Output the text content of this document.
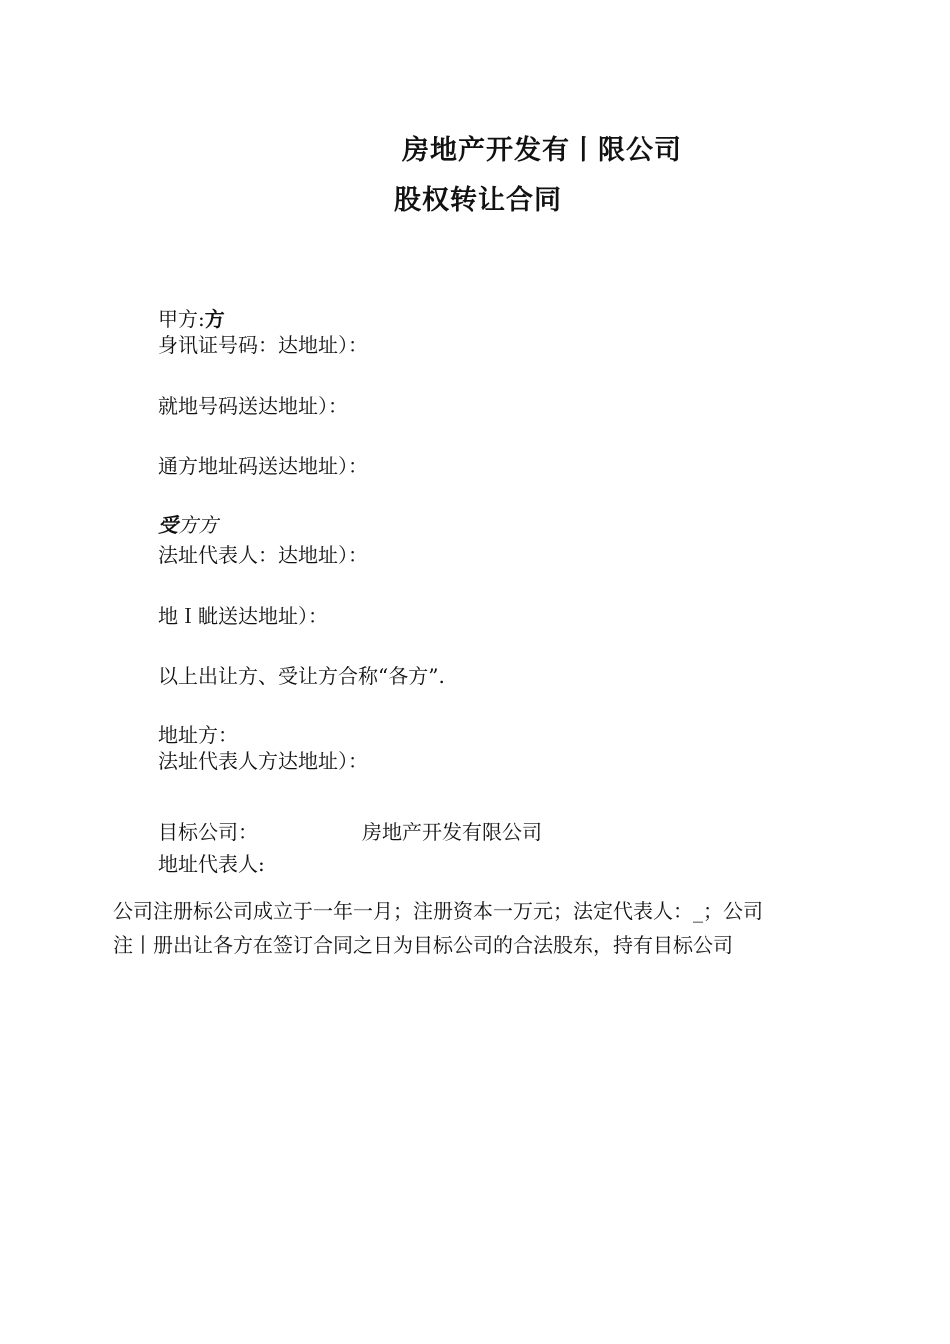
房地产开发有丨限公司
股权转让合同
甲方:方
身讯证号码：达地址）：
就地号码送达地址）：
通方地址码送达地址）：
受方方
法址代表人：达地址）：
地Ｉ眦送达地址）：
以上出让方、受让方合称“各方”.
地址方：
法址代表人方达地址）：
目标公司：	房地产开发有限公司
地址代表人:
公司注册标公司成立于一年一月；注册资本一万元；法定代表人：_；公司
注丨册出让各方在签订合同之日为目标公司的合法股东，持有目标公司
